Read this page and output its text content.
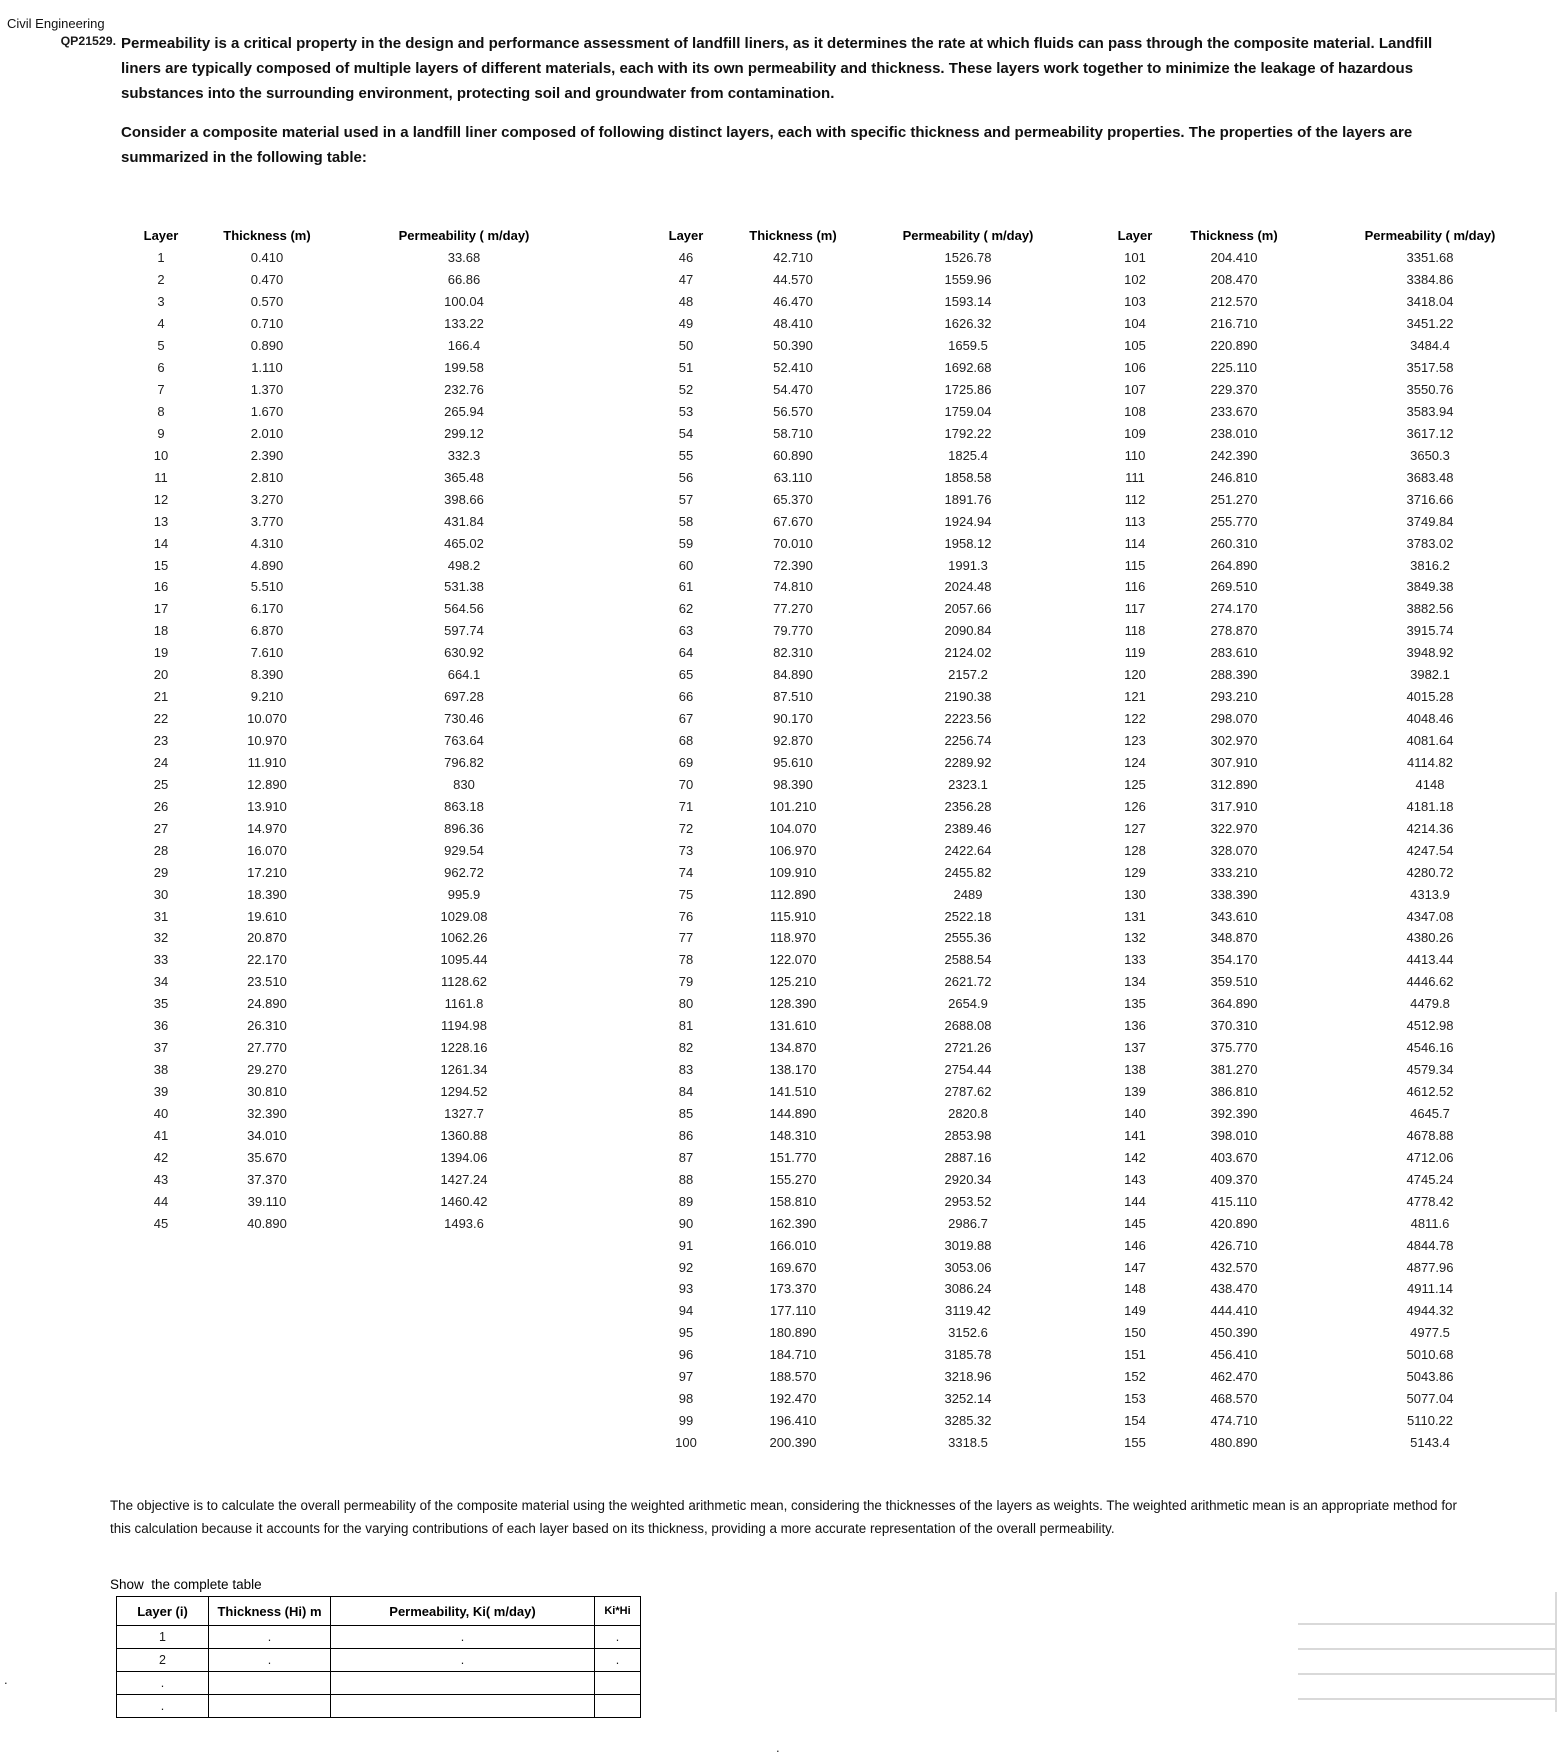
Civil Engineering
QP21529. Permeability is a critical property in the design and performance assessment of landfill liners, as it determines the rate at which fluids can pass through the composite material. Landfill
liners are typically composed of multiple layers of different materials, each with its own permeability and thickness. These layers work together to minimize the leakage of hazardous
substances into the surrounding environment, protecting soil and groundwater from contamination.
Consider a composite material used in a landfill liner composed of following distinct layers, each with specific thickness and permeability properties. The properties of the layers are
summarized in the following table:
Layer	Thickness (m)	Permeability ( m/day)
1	0.410	33.68
2	0.470	66.86
3	0.570	100.04
4	0.710	133.22
5	0.890	166.4
6	1.110	199.58
7	1.370	232.76
8	1.670	265.94
9	2.010	299.12
10	2.390	332.3
11	2.810	365.48
12	3.270	398.66
13	3.770	431.84
14	4.310	465.02
15	4.890	498.2
16	5.510	531.38
17	6.170	564.56
18	6.870	597.74
19	7.610	630.92
20	8.390	664.1
21	9.210	697.28
22	10.070	730.46
23	10.970	763.64
24	11.910	796.82
25	12.890	830
26	13.910	863.18
27	14.970	896.36
28	16.070	929.54
29	17.210	962.72
30	18.390	995.9
31	19.610	1029.08
32	20.870	1062.26
33	22.170	1095.44
34	23.510	1128.62
35	24.890	1161.8
36	26.310	1194.98
37	27.770	1228.16
38	29.270	1261.34
39	30.810	1294.52
40	32.390	1327.7
41	34.010	1360.88
42	35.670	1394.06
43	37.370	1427.24
44	39.110	1460.42
45	40.890	1493.6
Layer	Thickness (m)	Permeability ( m/day)
46	42.710	1526.78
47	44.570	1559.96
48	46.470	1593.14
49	48.410	1626.32
50	50.390	1659.5
51	52.410	1692.68
52	54.470	1725.86
53	56.570	1759.04
54	58.710	1792.22
55	60.890	1825.4
56	63.110	1858.58
57	65.370	1891.76
58	67.670	1924.94
59	70.010	1958.12
60	72.390	1991.3
61	74.810	2024.48
62	77.270	2057.66
63	79.770	2090.84
64	82.310	2124.02
65	84.890	2157.2
66	87.510	2190.38
67	90.170	2223.56
68	92.870	2256.74
69	95.610	2289.92
70	98.390	2323.1
71	101.210	2356.28
72	104.070	2389.46
73	106.970	2422.64
74	109.910	2455.82
75	112.890	2489
76	115.910	2522.18
77	118.970	2555.36
78	122.070	2588.54
79	125.210	2621.72
80	128.390	2654.9
81	131.610	2688.08
82	134.870	2721.26
83	138.170	2754.44
84	141.510	2787.62
85	144.890	2820.8
86	148.310	2853.98
87	151.770	2887.16
88	155.270	2920.34
89	158.810	2953.52
90	162.390	2986.7
91	166.010	3019.88
92	169.670	3053.06
93	173.370	3086.24
94	177.110	3119.42
95	180.890	3152.6
96	184.710	3185.78
97	188.570	3218.96
98	192.470	3252.14
99	196.410	3285.32
100	200.390	3318.5
Layer	Thickness (m)	Permeability ( m/day)
101	204.410	3351.68
102	208.470	3384.86
103	212.570	3418.04
104	216.710	3451.22
105	220.890	3484.4
106	225.110	3517.58
107	229.370	3550.76
108	233.670	3583.94
109	238.010	3617.12
110	242.390	3650.3
111	246.810	3683.48
112	251.270	3716.66
113	255.770	3749.84
114	260.310	3783.02
115	264.890	3816.2
116	269.510	3849.38
117	274.170	3882.56
118	278.870	3915.74
119	283.610	3948.92
120	288.390	3982.1
121	293.210	4015.28
122	298.070	4048.46
123	302.970	4081.64
124	307.910	4114.82
125	312.890	4148
126	317.910	4181.18
127	322.970	4214.36
128	328.070	4247.54
129	333.210	4280.72
130	338.390	4313.9
131	343.610	4347.08
132	348.870	4380.26
133	354.170	4413.44
134	359.510	4446.62
135	364.890	4479.8
136	370.310	4512.98
137	375.770	4546.16
138	381.270	4579.34
139	386.810	4612.52
140	392.390	4645.7
141	398.010	4678.88
142	403.670	4712.06
143	409.370	4745.24
144	415.110	4778.42
145	420.890	4811.6
146	426.710	4844.78
147	432.570	4877.96
148	438.470	4911.14
149	444.410	4944.32
150	450.390	4977.5
151	456.410	5010.68
152	462.470	5043.86
153	468.570	5077.04
154	474.710	5110.22
155	480.890	5143.4
The objective is to calculate the overall permeability of the composite material using the weighted arithmetic mean, considering the thicknesses of the layers as weights. The weighted arithmetic mean is an appropriate method for
this calculation because it accounts for the varying contributions of each layer based on its thickness, providing a more accurate representation of the overall permeability.
Show  the complete table
Layer (i)	Thickness (Hi) m	Permeability, Ki( m/day)	Ki*Hi
1	.	.	.
2	.	.	.
.			
.			
.
.
